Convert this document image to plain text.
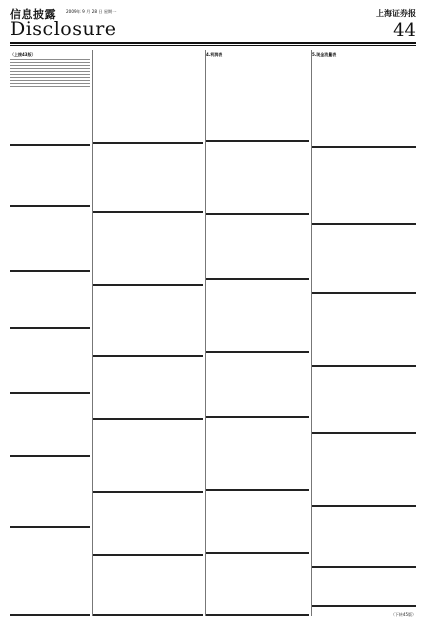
信息披露 2009年 9 月 28 日 星期一
Disclosure
上海证券报
44
（上接43版）	4.利润表	5.现金流量表
（下转45版）
